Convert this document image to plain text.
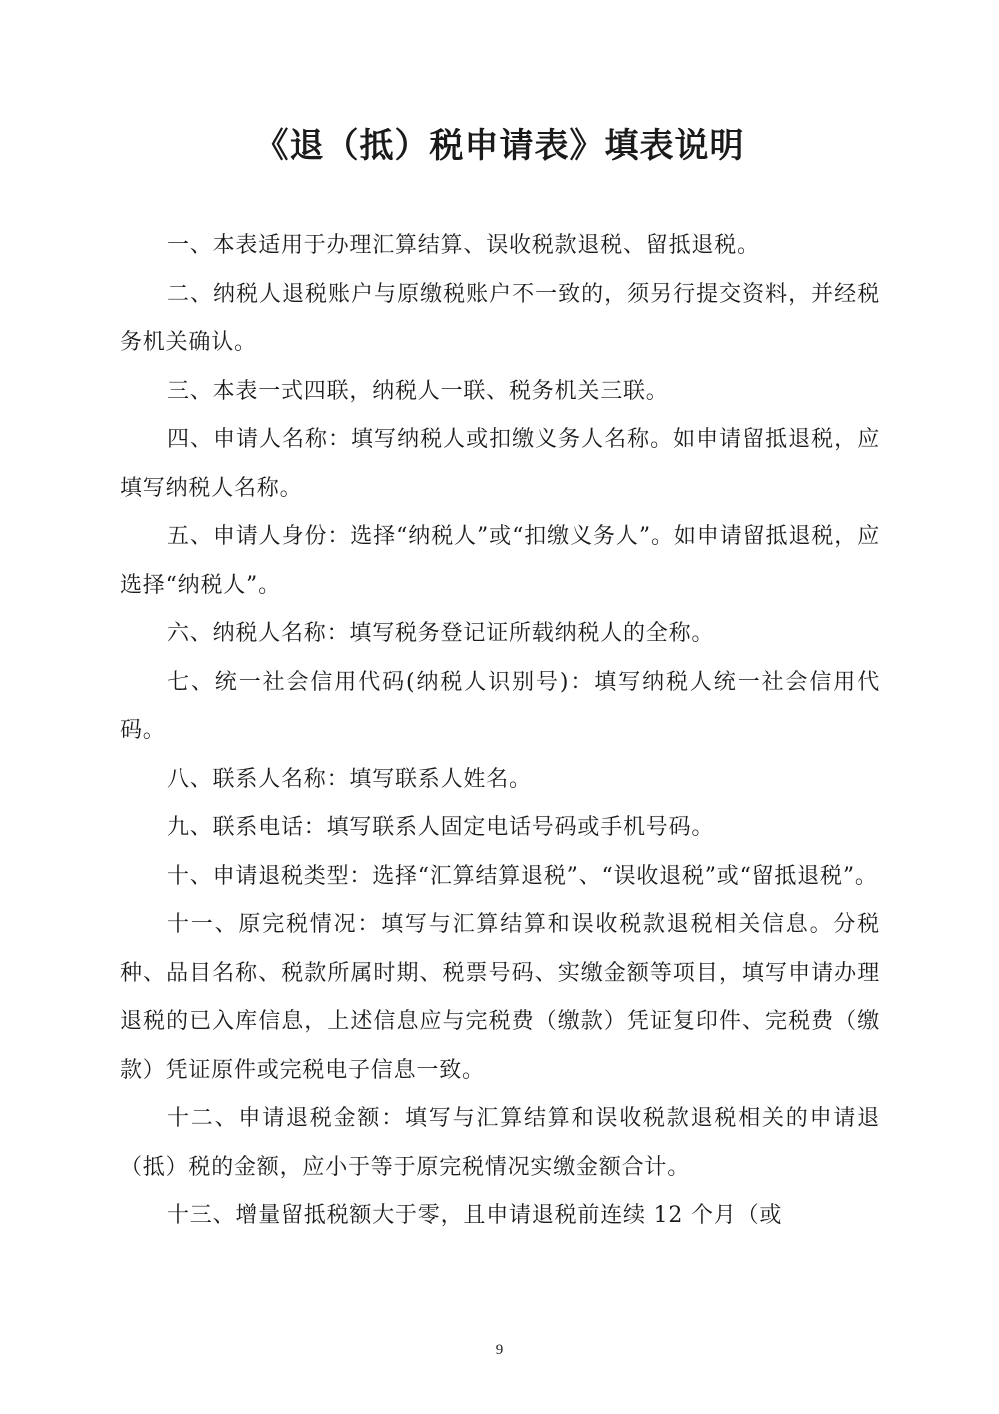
《退（抵）税申请表》填表说明

一、本表适用于办理汇算结算、误收税款退税、留抵退税。

二、纳税人退税账户与原缴税账户不一致的，须另行提交资料，并经税务机关确认。

三、本表一式四联，纳税人一联、税务机关三联。

四、申请人名称：填写纳税人或扣缴义务人名称。如申请留抵退税，应填写纳税人名称。

五、申请人身份：选择“纳税人”或“扣缴义务人”。如申请留抵退税，应选择“纳税人”。

六、纳税人名称：填写税务登记证所载纳税人的全称。

七、统一社会信用代码(纳税人识别号)：填写纳税人统一社会信用代码。

八、联系人名称：填写联系人姓名。

九、联系电话：填写联系人固定电话号码或手机号码。

十、申请退税类型：选择“汇算结算退税”、“误收退税”或“留抵退税”。

十一、原完税情况：填写与汇算结算和误收税款退税相关信息。分税种、品目名称、税款所属时期、税票号码、实缴金额等项目，填写申请办理退税的已入库信息，上述信息应与完税费（缴款）凭证复印件、完税费（缴款）凭证原件或完税电子信息一致。

十二、申请退税金额：填写与汇算结算和误收税款退税相关的申请退（抵）税的金额，应小于等于原完税情况实缴金额合计。

十三、增量留抵税额大于零，且申请退税前连续 12 个月（或

9
